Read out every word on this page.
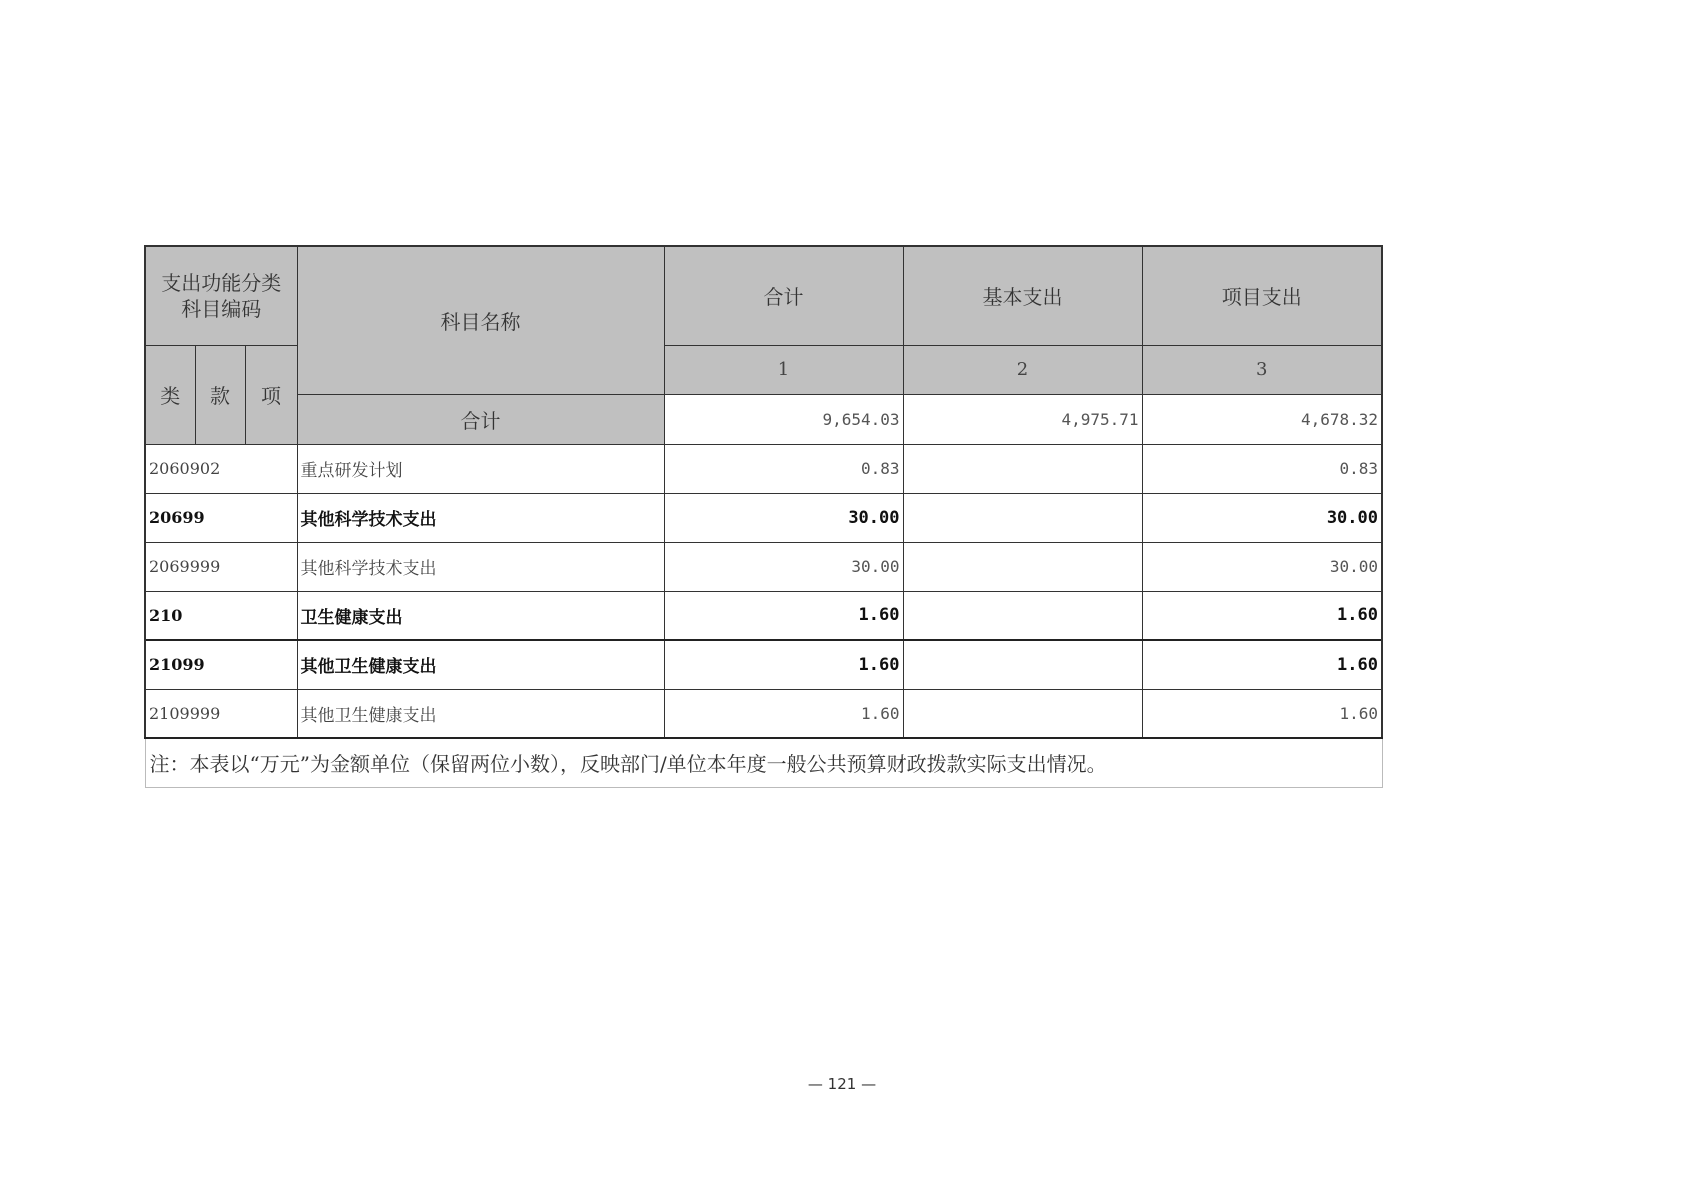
支出功能分类
科目编码			科目名称	合计	基本支出	项目支出
类	款	项		1	2	3
			合计	9,654.03	4,975.71	4,678.32
2060902			重点研发计划	0.83		0.83
20699			其他科学技术支出	30.00		30.00
2069999			其他科学技术支出	30.00		30.00
210			卫生健康支出	1.60		1.60
21099			其他卫生健康支出	1.60		1.60
2109999			其他卫生健康支出	1.60		1.60
注：本表以“万元”为金额单位（保留两位小数），反映部门/单位本年度一般公共预算财政拨款实际支出情况。						
— 121 —
